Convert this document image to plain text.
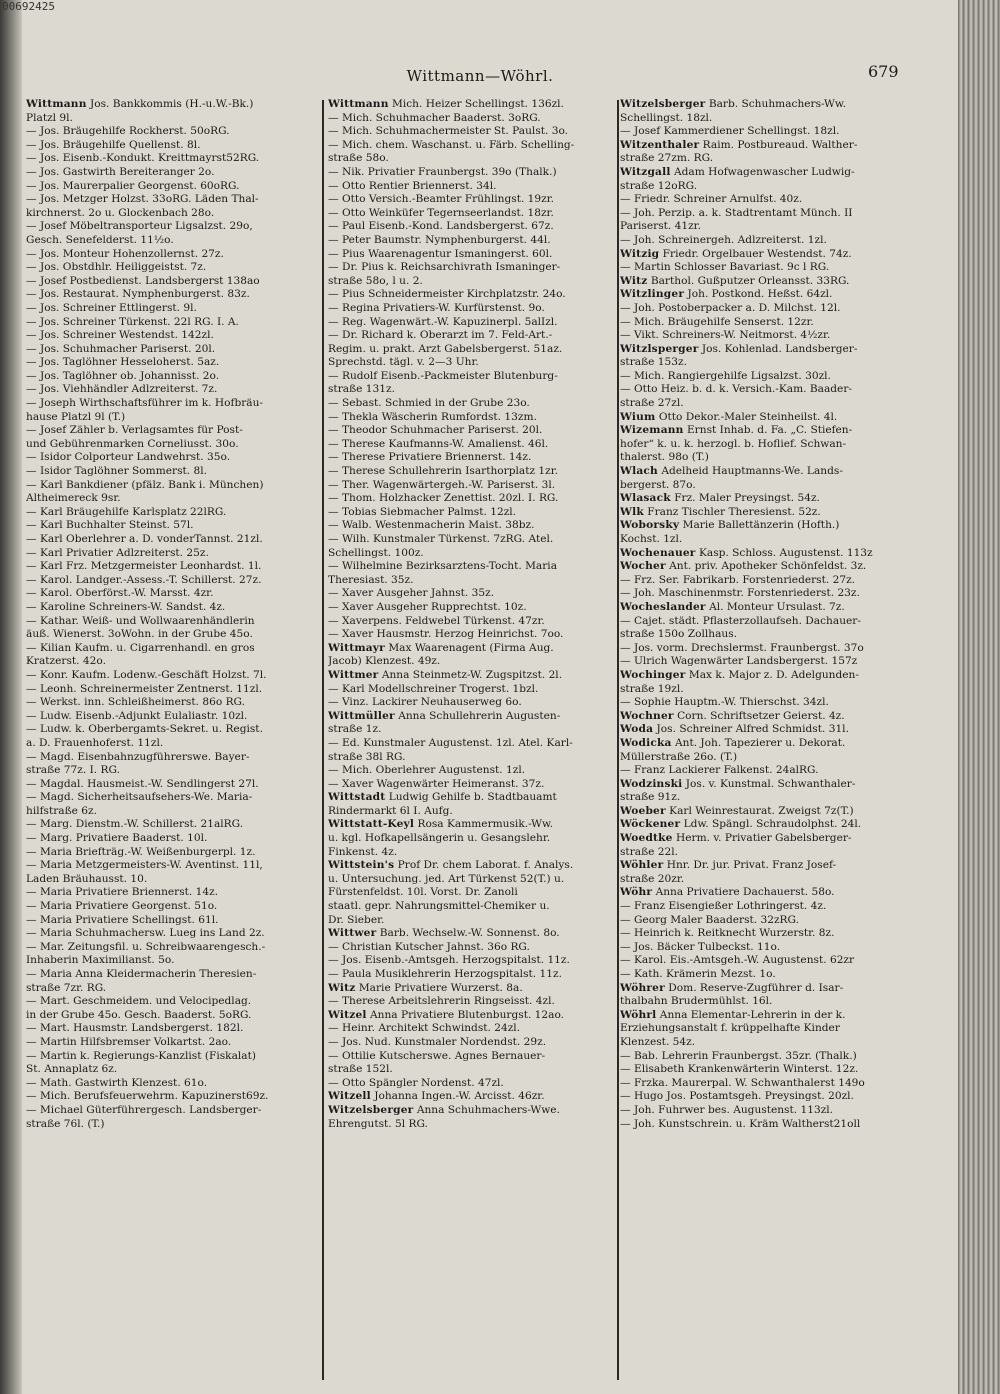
00692425
Wittmann—Wöhrl.	679
Wittmann Jos. Bankkommis (H.-u.W.-Bk.)
Platzl 9l.
— Jos. Bräugehilfe Rockherst. 50oRG.
— Jos. Bräugehilfe Quellenst. 8l.
— Jos. Eisenb.-Kondukt. Kreittmayrst52RG.
— Jos. Gastwirth Bereiteranger 2o.
— Jos. Maurerpalier Georgenst. 60oRG.
— Jos. Metzger Holzst. 33oRG. Läden Thal-
kirchnerst. 2o u. Glockenbach 28o.
— Josef Möbeltransporteur Ligsalzst. 29o,
Gesch. Senefelderst. 11½o.
— Jos. Monteur Hohenzollernst. 27z.
— Jos. Obstdhlr. Heiliggeistst. 7z.
— Josef Postbedienst. Landsbergerst 138ao
— Jos. Restaurat. Nymphenburgerst. 83z.
— Jos. Schreiner Ettlingerst. 9l.
— Jos. Schreiner Türkenst. 22l RG. I. A.
— Jos. Schreiner Westendst. 142zl.
— Jos. Schuhmacher Pariserst. 20l.
— Jos. Taglöhner Hesseloherst. 5az.
— Jos. Taglöhner ob. Johannisst. 2o.
— Jos. Viehhändler Adlzreiterst. 7z.
— Joseph Wirthschaftsführer im k. Hofbräu-
hause Platzl 9l (T.)
— Josef Zähler b. Verlagsamtes für Post-
und Gebührenmarken Corneliusst. 30o.
— Isidor Colporteur Landwehrst. 35o.
— Isidor Taglöhner Sommerst. 8l.
— Karl Bankdiener (pfälz. Bank i. München)
Altheimereck 9sr.
— Karl Bräugehilfe Karlsplatz 22lRG.
— Karl Buchhalter Steinst. 57l.
— Karl Oberlehrer a. D. vonderTannst. 21zl.
— Karl Privatier Adlzreiterst. 25z.
— Karl Frz. Metzgermeister Leonhardst. 1l.
— Karol. Landger.-Assess.-T. Schillerst. 27z.
— Karol. Oberförst.-W. Marsst. 4zr.
— Karoline Schreiners-W. Sandst. 4z.
— Kathar. Weiß- und Wollwaarenhändlerin
äuß. Wienerst. 3oWohn. in der Grube 45o.
— Kilian Kaufm. u. Cigarrenhandl. en gros
Kratzerst. 42o.
— Konr. Kaufm. Lodenw.-Geschäft Holzst. 7l.
— Leonh. Schreinermeister Zentnerst. 11zl.
— Werkst. inn. Schleißheimerst. 86o RG.
— Ludw. Eisenb.-Adjunkt Eulaliastr. 10zl.
— Ludw. k. Oberbergamts-Sekret. u. Regist.
a. D. Frauenhoferst. 11zl.
— Magd. Eisenbahnzugführerswe. Bayer-
straße 77z. I. RG.
— Magdal. Hausmeist.-W. Sendlingerst 27l.
— Magd. Sicherheitsaufsehers-We. Maria-
hilfstraße 6z.
— Marg. Dienstm.-W. Schillerst. 21alRG.
— Marg. Privatiere Baaderst. 10l.
— Maria Briefträg.-W. Weißenburgerpl. 1z.
— Maria Metzgermeisters-W. Aventinst. 11l,
Laden Bräuhausst. 10.
— Maria Privatiere Briennerst. 14z.
— Maria Privatiere Georgenst. 51o.
— Maria Privatiere Schellingst. 61l.
— Maria Schuhmachersw. Lueg ins Land 2z.
— Mar. Zeitungsfil. u. Schreibwaarengesch.-
Inhaberin Maximilianst. 5o.
— Maria Anna Kleidermacherin Theresien-
straße 7zr. RG.
— Mart. Geschmeidem. und Velocipedlag.
in der Grube 45o. Gesch. Baaderst. 5oRG.
— Mart. Hausmstr. Landsbergerst. 182l.
— Martin Hilfsbremser Volkartst. 2ao.
— Martin k. Regierungs-Kanzlist (Fiskalat)
St. Annaplatz 6z.
— Math. Gastwirth Klenzest. 61o.
— Mich. Berufsfeuerwehrm. Kapuzinerst69z.
— Michael Güterführergesch. Landsberger-
straße 76l. (T.)
Wittmann Mich. Heizer Schellingst. 136zl.
— Mich. Schuhmacher Baaderst. 3oRG.
— Mich. Schuhmachermeister St. Paulst. 3o.
— Mich. chem. Waschanst. u. Färb. Schelling-
straße 58o.
— Nik. Privatier Fraunbergst. 39o (Thalk.)
— Otto Rentier Briennerst. 34l.
— Otto Versich.-Beamter Frühlingst. 19zr.
— Otto Weinküfer Tegernseerlandst. 18zr.
— Paul Eisenb.-Kond. Landsbergerst. 67z.
— Peter Baumstr. Nymphenburgerst. 44l.
— Pius Waarenagentur Ismaningerst. 60l.
— Dr. Pius k. Reichsarchivrath Ismaninger-
straße 58o, l u. 2.
— Pius Schneidermeister Kirchplatzstr. 24o.
— Regina Privatiers-W. Kurfürstenst. 9o.
— Reg. Wagenwärt.-W. Kapuzinerpl. 5alIzl.
— Dr. Richard k. Oberarzt im 7. Feld-Art.-
Regim. u. prakt. Arzt Gabelsbergerst. 51az.
Sprechstd. tägl. v. 2—3 Uhr.
— Rudolf Eisenb.-Packmeister Blutenburg-
straße 131z.
— Sebast. Schmied in der Grube 23o.
— Thekla Wäscherin Rumfordst. 13zm.
— Theodor Schuhmacher Pariserst. 20l.
— Therese Kaufmanns-W. Amalienst. 46l.
— Therese Privatiere Briennerst. 14z.
— Therese Schullehrerin Isarthorplatz 1zr.
— Ther. Wagenwärtergeh.-W. Pariserst. 3l.
— Thom. Holzhacker Zenettist. 20zl. I. RG.
— Tobias Siebmacher Palmst. 12zl.
— Walb. Westenmacherin Maist. 38bz.
— Wilh. Kunstmaler Türkenst. 7zRG. Atel.
Schellingst. 100z.
— Wilhelmine Bezirksarztens-Tocht. Maria
Theresiast. 35z.
— Xaver Ausgeher Jahnst. 35z.
— Xaver Ausgeher Rupprechtst. 10z.
— Xaverpens. Feldwebel Türkenst. 47zr.
— Xaver Hausmstr. Herzog Heinrichst. 7oo.
Wittmayr Max Waarenagent (Firma Aug.
Jacob) Klenzest. 49z.
Wittmer Anna Steinmetz-W. Zugspitzst. 2l.
— Karl Modellschreiner Trogerst. 1bzl.
— Vinz. Lackirer Neuhauserweg 6o.
Wittmüller Anna Schullehrerin Augusten-
straße 1z.
— Ed. Kunstmaler Augustenst. 1zl. Atel. Karl-
straße 38l RG.
— Mich. Oberlehrer Augustenst. 1zl.
— Xaver Wagenwärter Heimeranst. 37z.
Wittstadt Ludwig Gehilfe b. Stadtbauamt
Rindermarkt 6l I. Aufg.
Wittstatt-Keyl Rosa Kammermusik.-Ww.
u. kgl. Hofkapellsängerin u. Gesangslehr.
Finkenst. 4z.
Wittstein's Prof Dr. chem Laborat. f. Analys.
u. Untersuchung. jed. Art Türkenst 52(T.) u.
Fürstenfeldst. 10l. Vorst. Dr. Zanoli
staatl. gepr. Nahrungsmittel-Chemiker u.
Dr. Sieber.
Wittwer Barb. Wechselw.-W. Sonnenst. 8o.
— Christian Kutscher Jahnst. 36o RG.
— Jos. Eisenb.-Amtsgeh. Herzogspitalst. 11z.
— Paula Musiklehrerin Herzogspitalst. 11z.
Witz Marie Privatiere Wurzerst. 8a.
— Therese Arbeitslehrerin Ringseisst. 4zl.
Witzel Anna Privatiere Blutenburgst. 12ao.
— Heinr. Architekt Schwindst. 24zl.
— Jos. Nud. Kunstmaler Nordendst. 29z.
— Ottilie Kutscherswe. Agnes Bernauer-
straße 152l.
— Otto Spängler Nordenst. 47zl.
Witzell Johanna Ingen.-W. Arcisst. 46zr.
Witzelsberger Anna Schuhmachers-Wwe.
Ehrengutst. 5l RG.
Witzelsberger Barb. Schuhmachers-Ww.
Schellingst. 18zl.
— Josef Kammerdiener Schellingst. 18zl.
Witzenthaler Raim. Postbureaud. Walther-
straße 27zm. RG.
Witzgall Adam Hofwagenwascher Ludwig-
straße 12oRG.
— Friedr. Schreiner Arnulfst. 40z.
— Joh. Perzip. a. k. Stadtrentamt Münch. II
Pariserst. 41zr.
— Joh. Schreinergeh. Adlzreiterst. 1zl.
Witzig Friedr. Orgelbauer Westendst. 74z.
— Martin Schlosser Bavariast. 9c l RG.
Witz Barthol. Gußputzer Orleansst. 33RG.
Witzlinger Joh. Postkond. Heßst. 64zl.
— Joh. Postoberpacker a. D. Milchst. 12l.
— Mich. Bräugehilfe Senserst. 12zr.
— Vikt. Schreiners-W. Neitmorst. 4½zr.
Witzlsperger Jos. Kohlenlad. Landsberger-
straße 153z.
— Mich. Rangiergehilfe Ligsalzst. 30zl.
— Otto Heiz. b. d. k. Versich.-Kam. Baader-
straße 27zl.
Wium Otto Dekor.-Maler Steinheilst. 4l.
Wizemann Ernst Inhab. d. Fa. „C. Stiefen-
hofer“ k. u. k. herzogl. b. Hoflief. Schwan-
thalerst. 98o (T.)
Wlach Adelheid Hauptmanns-We. Lands-
bergerst. 87o.
Wlasack Frz. Maler Preysingst. 54z.
Wlk Franz Tischler Theresienst. 52z.
Woborsky Marie Ballettänzerin (Hofth.)
Kochst. 1zl.
Wochenauer Kasp. Schloss. Augustenst. 113z
Wocher Ant. priv. Apotheker Schönfeldst. 3z.
— Frz. Ser. Fabrikarb. Forstenriederst. 27z.
— Joh. Maschinenmstr. Forstenriederst. 23z.
Wocheslander Al. Monteur Ursulast. 7z.
— Cajet. städt. Pflasterzollaufseh. Dachauer-
straße 150o Zollhaus.
— Jos. vorm. Drechslermst. Fraunbergst. 37o
— Ulrich Wagenwärter Landsbergerst. 157z
Wochinger Max k. Major z. D. Adelgunden-
straße 19zl.
— Sophie Hauptm.-W. Thierschst. 34zl.
Wochner Corn. Schriftsetzer Geierst. 4z.
Woda Jos. Schreiner Alfred Schmidst. 31l.
Wodicka Ant. Joh. Tapezierer u. Dekorat.
Müllerstraße 26o. (T.)
— Franz Lackierer Falkenst. 24alRG.
Wodzinski Jos. v. Kunstmal. Schwanthaler-
straße 91z.
Woeber Karl Weinrestaurat. Zweigst 7z(T.)
Wöckener Ldw. Spängl. Schraudolphst. 24l.
Woedtke Herm. v. Privatier Gabelsberger-
straße 22l.
Wöhler Hnr. Dr. jur. Privat. Franz Josef-
straße 20zr.
Wöhr Anna Privatiere Dachauerst. 58o.
— Franz Eisengießer Lothringerst. 4z.
— Georg Maler Baaderst. 32zRG.
— Heinrich k. Reitknecht Wurzerstr. 8z.
— Jos. Bäcker Tulbeckst. 11o.
— Karol. Eis.-Amtsgeh.-W. Augustenst. 62zr
— Kath. Krämerin Mezst. 1o.
Wöhrer Dom. Reserve-Zugführer d. Isar-
thalbahn Brudermühlst. 16l.
Wöhrl Anna Elementar-Lehrerin in der k.
Erziehungsanstalt f. krüppelhafte Kinder
Klenzest. 54z.
— Bab. Lehrerin Fraunbergst. 35zr. (Thalk.)
— Elisabeth Krankenwärterin Winterst. 12z.
— Frzka. Maurerpal. W. Schwanthalerst 149o
— Hugo Jos. Postamtsgeh. Preysingst. 20zl.
— Joh. Fuhrwer bes. Augustenst. 113zl.
— Joh. Kunstschrein. u. Kräm Waltherst21oll
